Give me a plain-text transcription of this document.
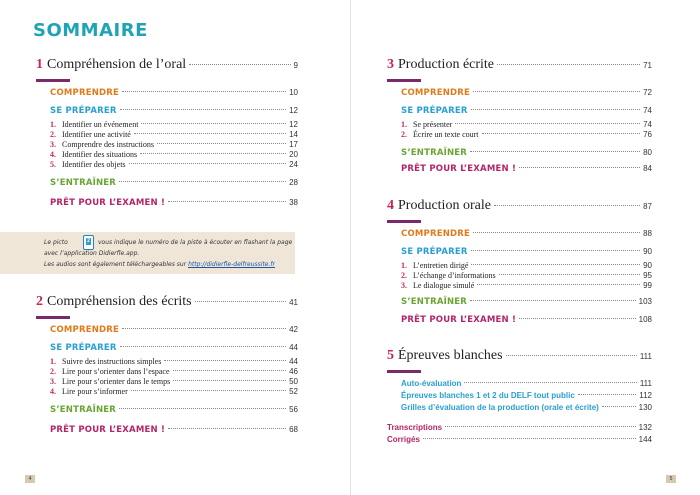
SOMMAIRE
1 Compréhension de l’oral	9
COMPRENDRE	10
SE PRÉPARER	12
1. Identifier un événement	12
2. Identifier une activité	14
3. Comprendre des instructions	17
4. Identifier des situations	20
5. Identifier des objets	24
S’ENTRAÎNER	28
PRÊT POUR L’EXAMEN !	38
Le picto	2 vous indique le numéro de la piste à écouter en flashant la page
avec l’application Didierfle.app.
Les audios sont également téléchargeables sur http://didierfle-delfreussite.fr
2 Compréhension des écrits	41
COMPRENDRE	42
SE PRÉPARER	44
1. Suivre des instructions simples	44
2. Lire pour s’orienter dans l’espace	46
3. Lire pour s’orienter dans le temps	50
4. Lire pour s’informer	52
S’ENTRAÎNER	56
PRÊT POUR L’EXAMEN !	68
4
3 Production écrite	71
COMPRENDRE	72
SE PRÉPARER	74
1. Se présenter	74
2. Écrire un texte court	76
S’ENTRAÎNER	80
PRÊT POUR L’EXAMEN !	84
4 Production orale	87
COMPRENDRE	88
SE PRÉPARER	90
1. L’entretien dirigé	90
2. L’échange d’informations	95
3. Le dialogue simulé	99
S’ENTRAÎNER	103
PRÊT POUR L’EXAMEN !	108
5 Épreuves blanches	111
Auto-évaluation	111
Épreuves blanches 1 et 2 du DELF tout public	112
Grilles d’évaluation de la production (orale et écrite)	130
Transcriptions	132
Corrigés	144
5
